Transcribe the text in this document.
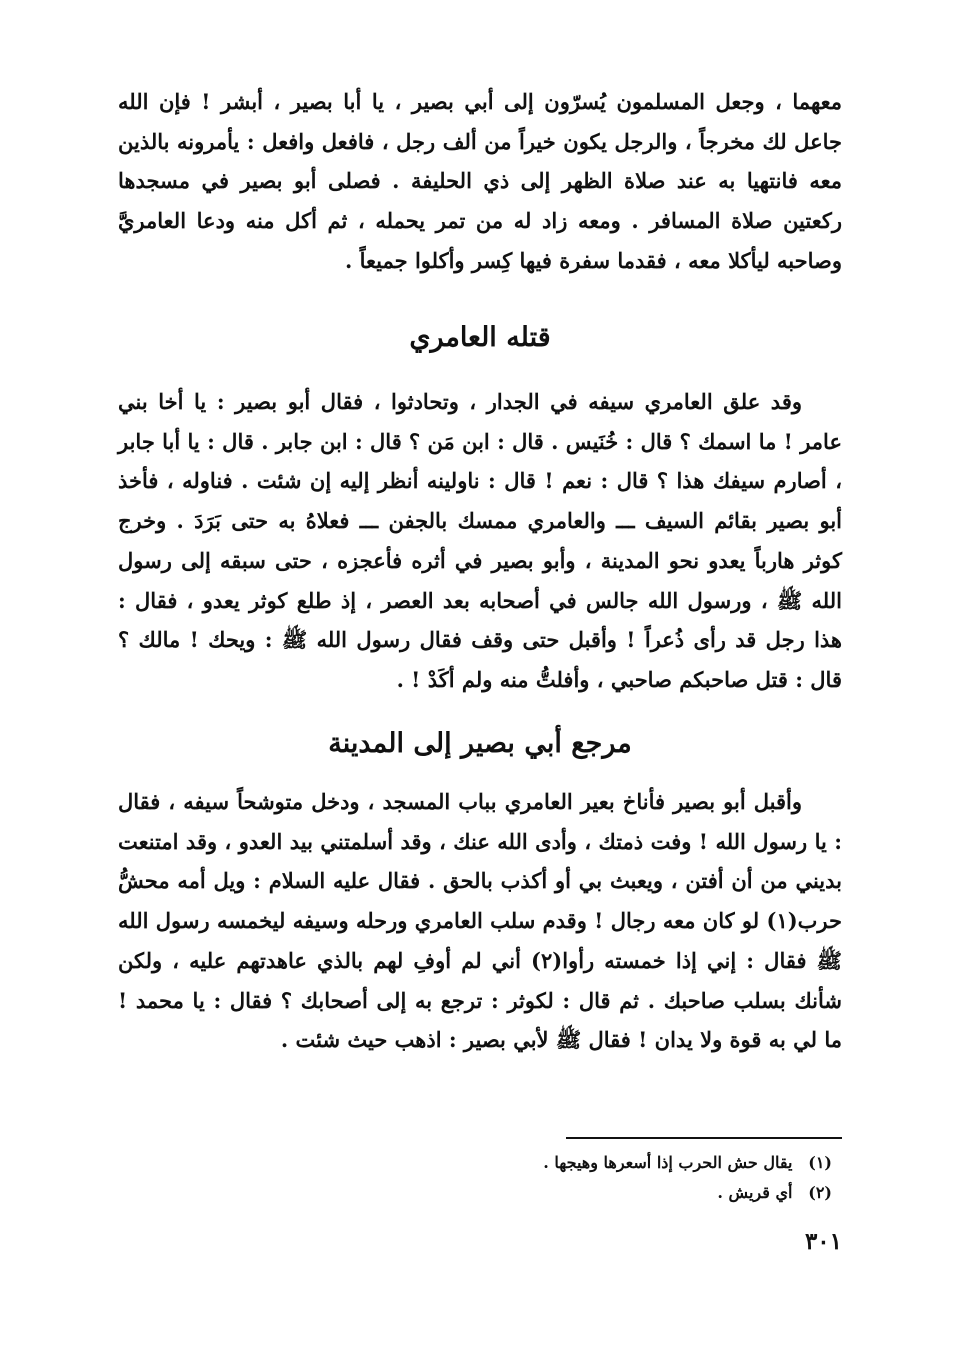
معهما ، وجعل المسلمون يُسرّون إلى أبي بصير ، يا أبا بصير ، أبشر ! فإن الله جاعل لك مخرجاً ، والرجل يكون خيراً من ألف رجل ، فافعل وافعل : يأمرونه بالذين معه فانتهيا به عند صلاة الظهر إلى ذي الحليفة . فصلى أبو بصير في مسجدها ركعتين صلاة المسافر . ومعه زاد له من تمر يحمله ، ثم أكل منه ودعا العامريَّ وصاحبه ليأكلا معه ، فقدما سفرة فيها كِسر وأكلوا جميعاً .

قتله العامري

وقد علق العامري سيفه في الجدار ، وتحادثوا ، فقال أبو بصير : يا أخا بني عامر ! ما اسمك ؟ قال : خُنَيس . قال : ابن مَن ؟ قال : ابن جابر . قال : يا أبا جابر ، أصارم سيفك هذا ؟ قال : نعم ! قال : ناولينه أنظر إليه إن شئت . فناوله ، فأخذ أبو بصير بقائم السيف ـــ والعامري ممسك بالجفن ـــ فعلاهُ به حتى بَرَدَ . وخرج كوثر هارباً يعدو نحو المدينة ، وأبو بصير في أثره فأعجزه ، حتى سبقه إلى رسول الله ﷺ ، ورسول الله جالس في أصحابه بعد العصر ، إذ طلع كوثر يعدو ، فقال : هذا رجل قد رأى ذُعراً ! وأقبل حتى وقف فقال رسول الله ﷺ : ويحك ! مالك ؟ قال : قتل صاحبكم صاحبي ، وأفلتُّ منه ولم أكَدْ ! .

مرجع أبي بصير إلى المدينة

وأقبل أبو بصير فأناخ بعير العامري بباب المسجد ، ودخل متوشحاً سيفه ، فقال : يا رسول الله ! وفت ذمتك ، وأدى الله عنك ، وقد أسلمتني بيد العدو ، وقد امتنعت بديني من أن أفتن ، ويعبث بي أو أكذب بالحق . فقال عليه السلام : ويل أمه محشُّ حرب(١) لو كان معه رجال ! وقدم سلب العامري ورحله وسيفه ليخمسه رسول الله ﷺ فقال : إني إذا خمسته رأوا(٢) أني لم أوفِ لهم بالذي عاهدتهم عليه ، ولكن شأنك بسلب صاحبك . ثم قال : لكوثر : ترجع به إلى أصحابك ؟ فقال : يا محمد ! ما لي به قوة ولا يدان ! فقال ﷺ لأبي بصير : اذهب حيث شئت .

(١) يقال حش الحرب إذا أسعرها وهيجها .

(٢) أي قريش .

٣٠١
